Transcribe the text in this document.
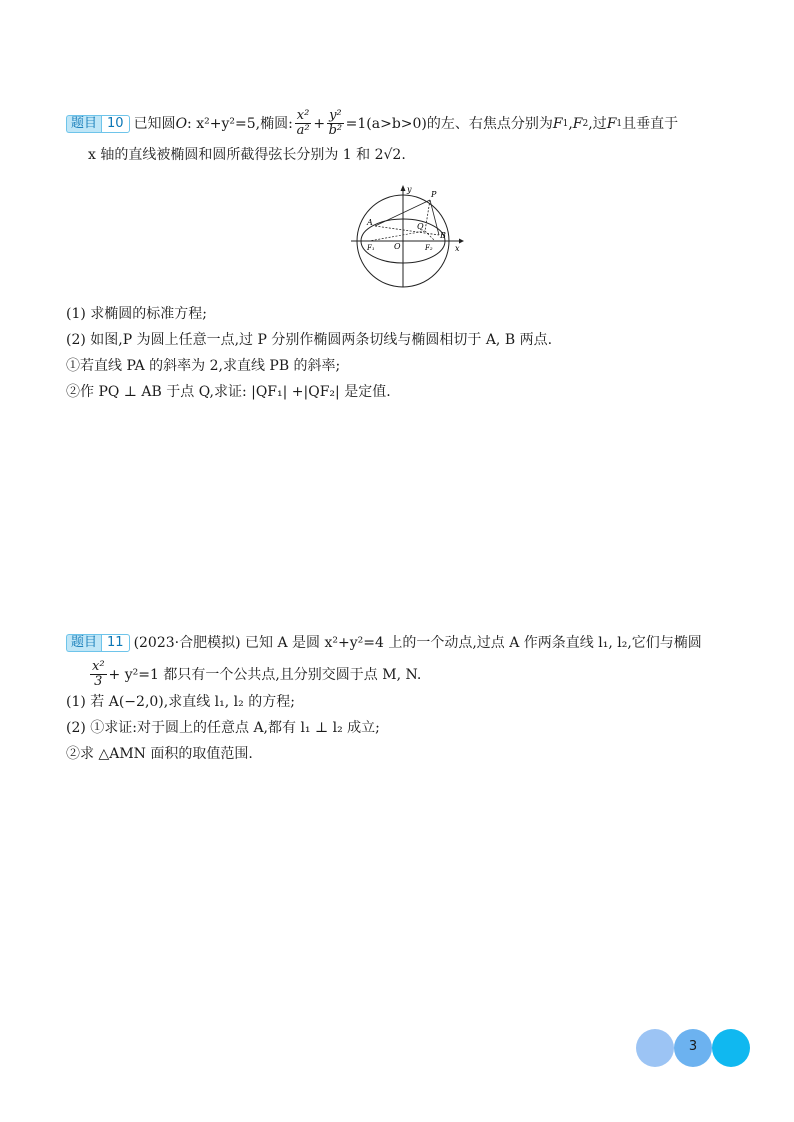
题目 10 已知圆 O : x²+y²=5 ,椭圆: $\frac{\text{x²}}{\text{a²}} + \frac{\text{y²}}{\text{b²}} =1(a>b>0)$ 的左、右焦点分别为 F 1 , F 2 ,过 F 1 且垂直于
x 轴的直线被椭圆和圆所截得弦长分别为 1 和 2√2.
y
x
P
A	Q
B
O
F₁	F₂
(1) 求椭圆的标准方程;
(2) 如图,P 为圆上任意一点,过 P 分别作椭圆两条切线与椭圆相切于 A, B 两点.
①若直线 PA 的斜率为 2,求直线 PB 的斜率;
②作 PQ ⊥ AB 于点 Q,求证: |QF₁| +|QF₂| 是定值.
题目 11 (2023·合肥模拟) 已知 A 是圆 x²+y²=4 上的一个动点,过点 A 作两条直线 l₁, l₂,它们与椭圆
$\frac{\text{x²}}{3} + y^2=1$ 都只有一个公共点,且分别交圆于点 M, N.
(1) 若 A(−2,0),求直线 l₁, l₂ 的方程;
(2) ①求证:对于圆上的任意点 A,都有 l₁ ⊥ l₂ 成立;
②求 △AMN 面积的取值范围.
3
